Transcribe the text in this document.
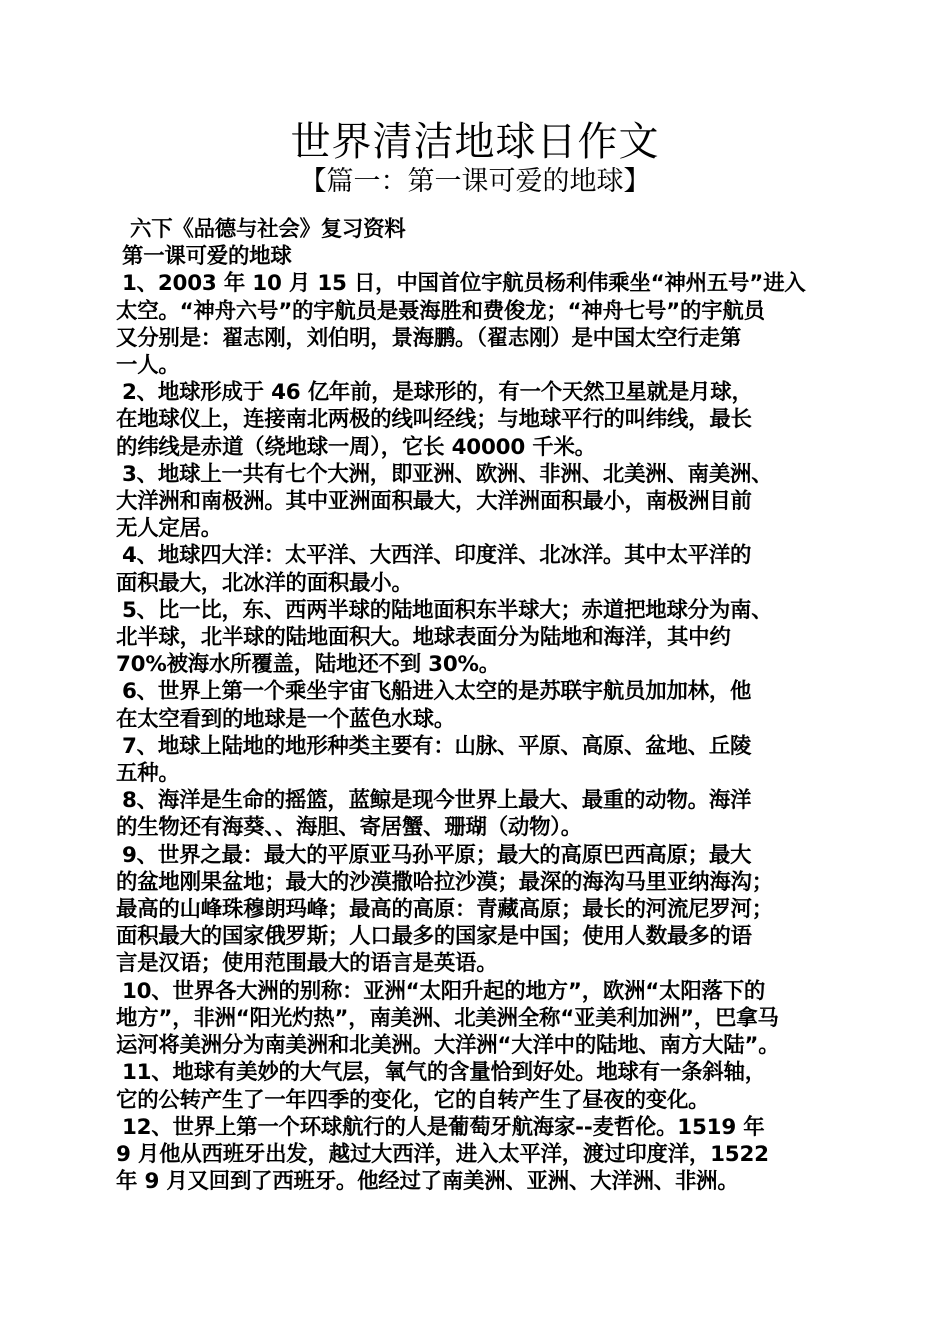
世界清洁地球日作文
【篇一：第一课可爱的地球】
六下《品德与社会》复习资料
第一课可爱的地球
1、2003 年 10 月 15 日，中国首位宇航员杨利伟乘坐“神州五号”进入
太空。“神舟六号”的宇航员是聂海胜和费俊龙；“神舟七号”的宇航员
又分别是：翟志刚，刘伯明，景海鹏。（翟志刚）是中国太空行走第
一人。
2、地球形成于 46 亿年前，是球形的，有一个天然卫星就是月球，
在地球仪上，连接南北两极的线叫经线；与地球平行的叫纬线，最长
的纬线是赤道（绕地球一周），它长 40000 千米。
3、地球上一共有七个大洲，即亚洲、欧洲、非洲、北美洲、南美洲、
大洋洲和南极洲。其中亚洲面积最大，大洋洲面积最小，南极洲目前
无人定居。
4、地球四大洋：太平洋、大西洋、印度洋、北冰洋。其中太平洋的
面积最大，北冰洋的面积最小。
5、比一比，东、西两半球的陆地面积东半球大；赤道把地球分为南、
北半球，北半球的陆地面积大。地球表面分为陆地和海洋，其中约
70%被海水所覆盖，陆地还不到 30%。
6、世界上第一个乘坐宇宙飞船进入太空的是苏联宇航员加加林，他
在太空看到的地球是一个蓝色水球。
7、地球上陆地的地形种类主要有：山脉、平原、高原、盆地、丘陵
五种。
8、海洋是生命的摇篮，蓝鲸是现今世界上最大、最重的动物。海洋
的生物还有海葵、、海胆、寄居蟹、珊瑚（动物）。
9、世界之最：最大的平原亚马孙平原；最大的高原巴西高原；最大
的盆地刚果盆地；最大的沙漠撒哈拉沙漠；最深的海沟马里亚纳海沟；
最高的山峰珠穆朗玛峰；最高的高原：青藏高原；最长的河流尼罗河；
面积最大的国家俄罗斯；人口最多的国家是中国；使用人数最多的语
言是汉语；使用范围最大的语言是英语。
10、世界各大洲的别称：亚洲“太阳升起的地方”，欧洲“太阳落下的
地方”，非洲“阳光灼热”，南美洲、北美洲全称“亚美利加洲”，巴拿马
运河将美洲分为南美洲和北美洲。大洋洲“大洋中的陆地、南方大陆”。
11、地球有美妙的大气层，氧气的含量恰到好处。地球有一条斜轴，
它的公转产生了一年四季的变化，它的自转产生了昼夜的变化。
12、世界上第一个环球航行的人是葡萄牙航海家--麦哲伦。1519 年
9 月他从西班牙出发，越过大西洋，进入太平洋，渡过印度洋，1522
年 9 月又回到了西班牙。他经过了南美洲、亚洲、大洋洲、非洲。
